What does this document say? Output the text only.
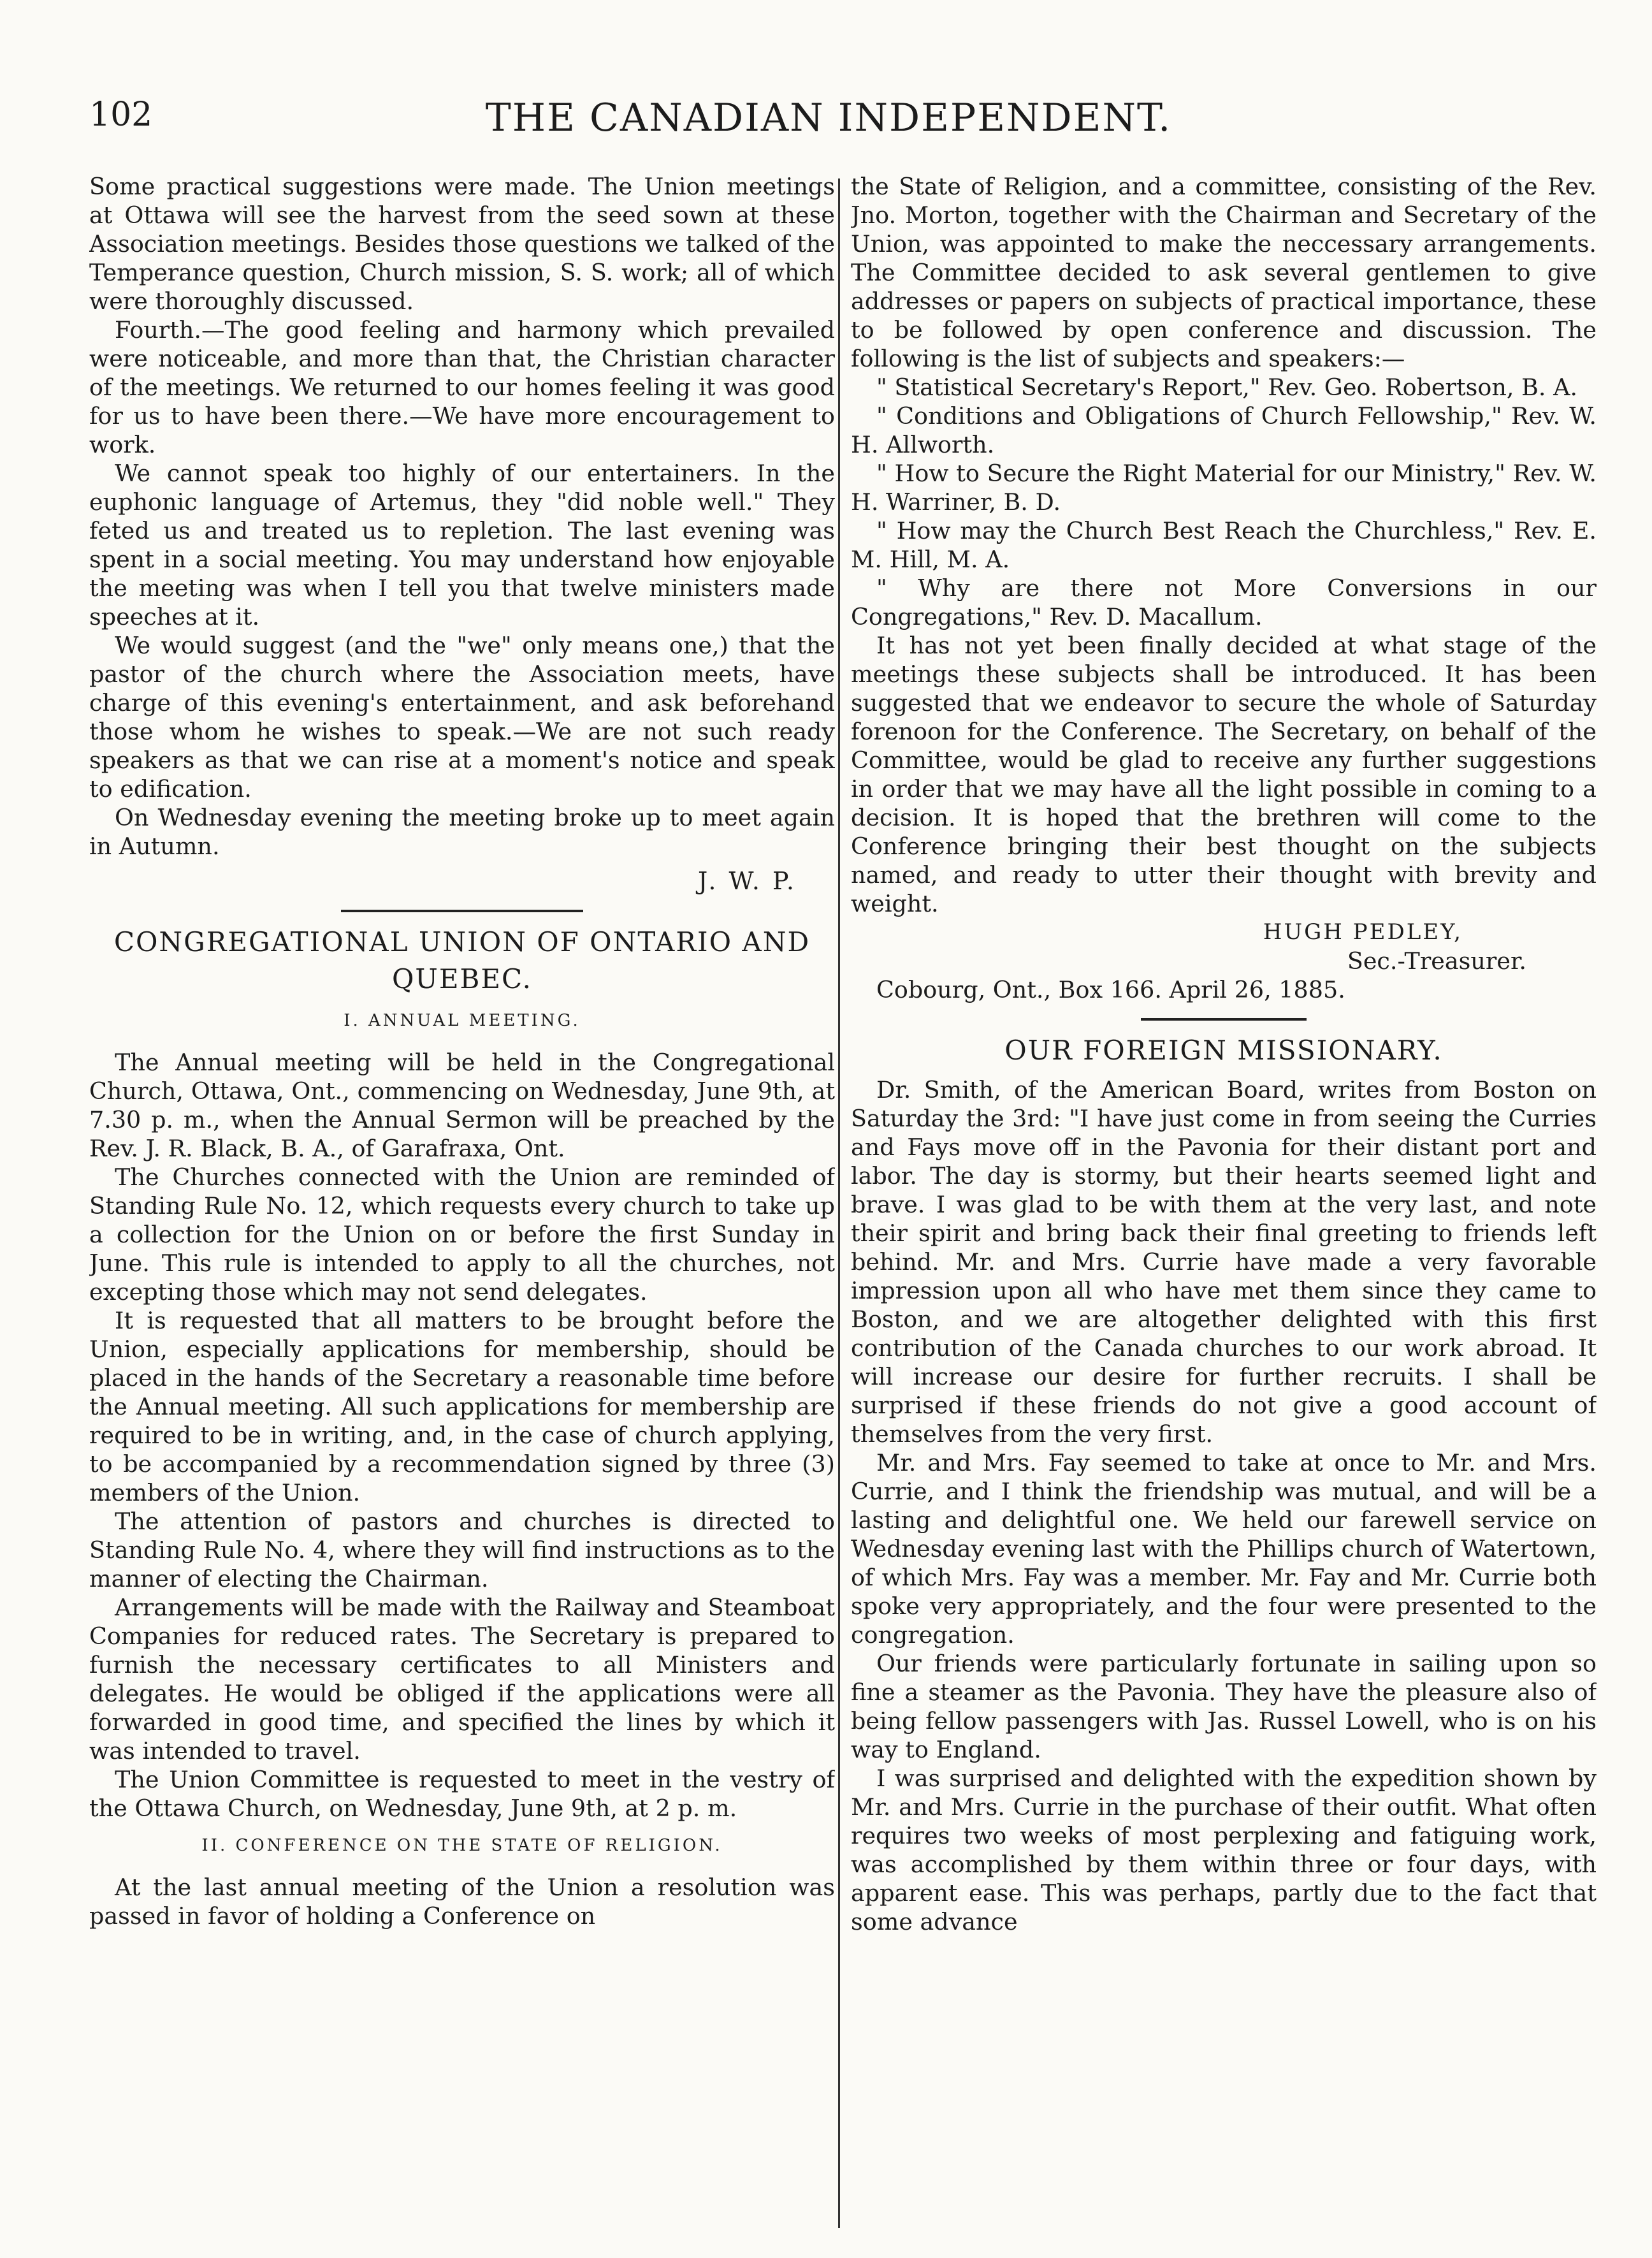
102	THE CANADIAN INDEPENDENT.

Some practical suggestions were made. The Union meetings at Ottawa will see the harvest from the seed sown at these Association meetings. Besides those questions we talked of the Temperance question, Church mission, S. S. work; all of which were thoroughly discussed.

Fourth.—The good feeling and harmony which prevailed were noticeable, and more than that, the Christian character of the meetings. We returned to our homes feeling it was good for us to have been there.—We have more encouragement to work.

We cannot speak too highly of our entertainers. In the euphonic language of Artemus, they "did noble well." They feted us and treated us to repletion. The last evening was spent in a social meeting. You may understand how enjoyable the meeting was when I tell you that twelve ministers made speeches at it.

We would suggest (and the "we" only means one,) that the pastor of the church where the Association meets, have charge of this evening's entertainment, and ask beforehand those whom he wishes to speak.—We are not such ready speakers as that we can rise at a moment's notice and speak to edification.

On Wednesday evening the meeting broke up to meet again in Autumn.

J. W. P.
CONGREGATIONAL UNION OF ONTARIO AND QUEBEC.
I. ANNUAL MEETING.

The Annual meeting will be held in the Congregational Church, Ottawa, Ont., commencing on Wednesday, June 9th, at 7.30 p. m., when the Annual Sermon will be preached by the Rev. J. R. Black, B. A., of Garafraxa, Ont.

The Churches connected with the Union are reminded of Standing Rule No. 12, which requests every church to take up a collection for the Union on or before the first Sunday in June. This rule is intended to apply to all the churches, not excepting those which may not send delegates.

It is requested that all matters to be brought before the Union, especially applications for membership, should be placed in the hands of the Secretary a reasonable time before the Annual meeting. All such applications for membership are required to be in writing, and, in the case of church applying, to be accompanied by a recommendation signed by three (3) members of the Union.

The attention of pastors and churches is directed to Standing Rule No. 4, where they will find instructions as to the manner of electing the Chairman.

Arrangements will be made with the Railway and Steamboat Companies for reduced rates. The Secretary is prepared to furnish the necessary certificates to all Ministers and delegates. He would be obliged if the applications were all forwarded in good time, and specified the lines by which it was intended to travel.

The Union Committee is requested to meet in the vestry of the Ottawa Church, on Wednesday, June 9th, at 2 p. m.

II. CONFERENCE ON THE STATE OF RELIGION.

At the last annual meeting of the Union a resolution was passed in favor of holding a Conference on

the State of Religion, and a committee, consisting of the Rev. Jno. Morton, together with the Chairman and Secretary of the Union, was appointed to make the neccessary arrangements. The Committee decided to ask several gentlemen to give addresses or papers on subjects of practical importance, these to be followed by open conference and discussion. The following is the list of subjects and speakers:—

" Statistical Secretary's Report," Rev. Geo. Robertson, B. A.

" Conditions and Obligations of Church Fellowship," Rev. W. H. Allworth.

" How to Secure the Right Material for our Ministry," Rev. W. H. Warriner, B. D.

" How may the Church Best Reach the Churchless," Rev. E. M. Hill, M. A.

" Why are there not More Conversions in our Congregations," Rev. D. Macallum.

It has not yet been finally decided at what stage of the meetings these subjects shall be introduced. It has been suggested that we endeavor to secure the whole of Saturday forenoon for the Conference. The Secretary, on behalf of the Committee, would be glad to receive any further suggestions in order that we may have all the light possible in coming to a decision. It is hoped that the brethren will come to the Conference bringing their best thought on the subjects named, and ready to utter their thought with brevity and weight.

HUGH PEDLEY,
Sec.-Treasurer.

Cobourg, Ont., Box 166. April 26, 1885.

OUR FOREIGN MISSIONARY.

Dr. Smith, of the American Board, writes from Boston on Saturday the 3rd: "I have just come in from seeing the Curries and Fays move off in the Pavonia for their distant port and labor. The day is stormy, but their hearts seemed light and brave. I was glad to be with them at the very last, and note their spirit and bring back their final greeting to friends left behind. Mr. and Mrs. Currie have made a very favorable impression upon all who have met them since they came to Boston, and we are altogether delighted with this first contribution of the Canada churches to our work abroad. It will increase our desire for further recruits. I shall be surprised if these friends do not give a good account of themselves from the very first.

Mr. and Mrs. Fay seemed to take at once to Mr. and Mrs. Currie, and I think the friendship was mutual, and will be a lasting and delightful one. We held our farewell service on Wednesday evening last with the Phillips church of Watertown, of which Mrs. Fay was a member. Mr. Fay and Mr. Currie both spoke very appropriately, and the four were presented to the congregation.

Our friends were particularly fortunate in sailing upon so fine a steamer as the Pavonia. They have the pleasure also of being fellow passengers with Jas. Russel Lowell, who is on his way to England.

I was surprised and delighted with the expedition shown by Mr. and Mrs. Currie in the purchase of their outfit. What often requires two weeks of most perplexing and fatiguing work, was accomplished by them within three or four days, with apparent ease. This was perhaps, partly due to the fact that some advance
